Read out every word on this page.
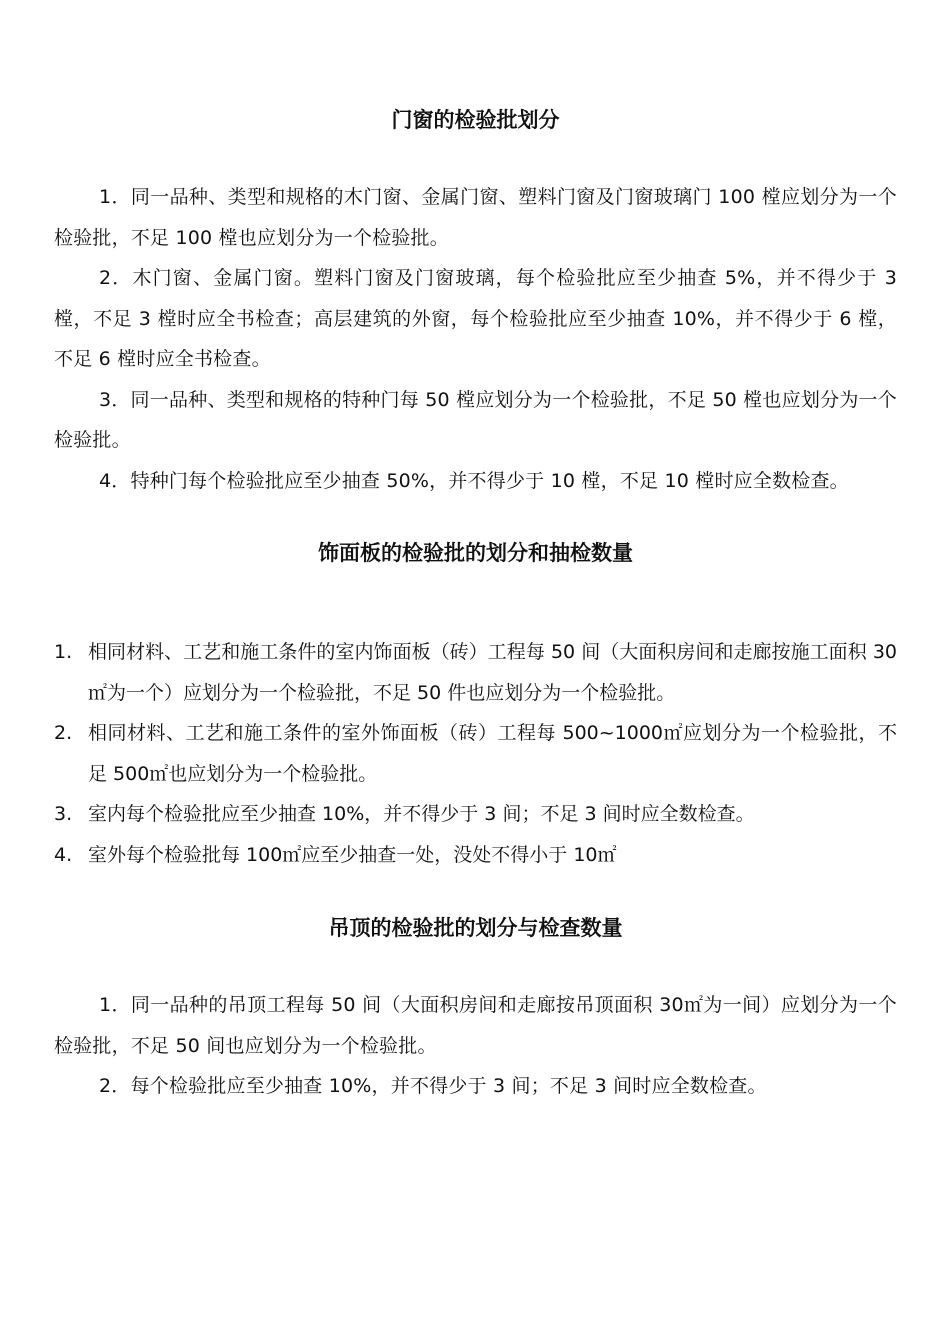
门窗的检验批划分

1．同一品种、类型和规格的木门窗、金属门窗、塑料门窗及门窗玻璃门 100 樘应划分为一个检验批，不足 100 樘也应划分为一个检验批。

2．木门窗、金属门窗。塑料门窗及门窗玻璃，每个检验批应至少抽查 5%，并不得少于 3 樘，不足 3 樘时应全书检查；高层建筑的外窗，每个检验批应至少抽查 10%，并不得少于 6 樘，不足 6 樘时应全书检查。

3．同一品种、类型和规格的特种门每 50 樘应划分为一个检验批，不足 50 樘也应划分为一个检验批。

4．特种门每个检验批应至少抽查 50%，并不得少于 10 樘，不足 10 樘时应全数检查。

饰面板的检验批的划分和抽检数量
1. 相同材料、工艺和施工条件的室内饰面板（砖）工程每 50 间（大面积房间和走廊按施工面积 30㎡为一个）应划分为一个检验批，不足 50 件也应划分为一个检验批。
2. 相同材料、工艺和施工条件的室外饰面板（砖）工程每 500~1000㎡应划分为一个检验批，不足 500㎡也应划分为一个检验批。
3. 室内每个检验批应至少抽查 10%，并不得少于 3 间；不足 3 间时应全数检查。
4. 室外每个检验批每 100㎡应至少抽查一处，没处不得小于 10㎡
吊顶的检验批的划分与检查数量

1．同一品种的吊顶工程每 50 间（大面积房间和走廊按吊顶面积 30㎡为一间）应划分为一个检验批，不足 50 间也应划分为一个检验批。

2．每个检验批应至少抽查 10%，并不得少于 3 间；不足 3 间时应全数检查。
